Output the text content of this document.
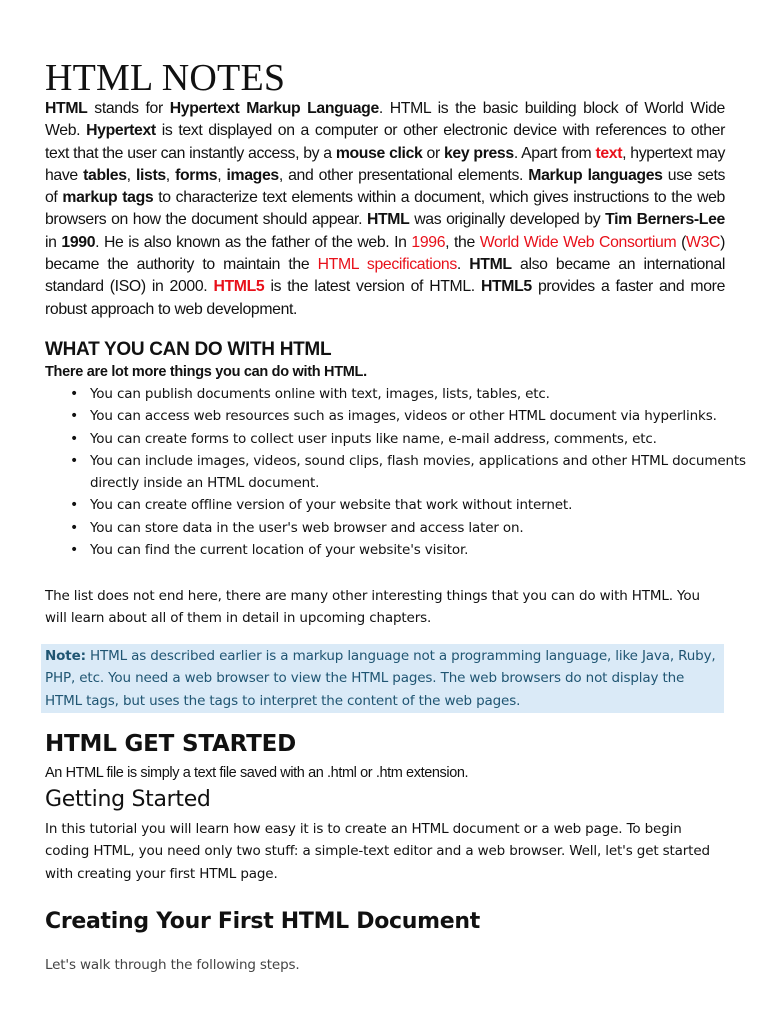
HTML NOTES

HTML stands for Hypertext Markup Language. HTML is the basic building block of World Wide Web. Hypertext is text displayed on a computer or other electronic device with references to other text that the user can instantly access, by a mouse click or key press. Apart from text, hypertext may have tables, lists, forms, images, and other presentational elements. Markup languages use sets of markup tags to characterize text elements within a document, which gives instructions to the web browsers on how the document should appear. HTML was originally developed by Tim Berners-Lee in 1990. He is also known as the father of the web. In 1996, the World Wide Web Consortium (W3C) became the authority to maintain the HTML specifications. HTML also became an international standard (ISO) in 2000. HTML5 is the latest version of HTML. HTML5 provides a faster and more robust approach to web development.

WHAT YOU CAN DO WITH HTML

There are lot more things you can do with HTML.

• You can publish documents online with text, images, lists, tables, etc.
• You can access web resources such as images, videos or other HTML document via hyperlinks.
• You can create forms to collect user inputs like name, e-mail address, comments, etc.
• You can include images, videos, sound clips, flash movies, applications and other HTML documents directly inside an HTML document.
• You can create offline version of your website that work without internet.
• You can store data in the user's web browser and access later on.
• You can find the current location of your website's visitor.

The list does not end here, there are many other interesting things that you can do with HTML. You will learn about all of them in detail in upcoming chapters.

Note: HTML as described earlier is a markup language not a programming language, like Java, Ruby, PHP, etc. You need a web browser to view the HTML pages. The web browsers do not display the HTML tags, but uses the tags to interpret the content of the web pages.
HTML GET STARTED

An HTML file is simply a text file saved with an .html or .htm extension.

Getting Started

In this tutorial you will learn how easy it is to create an HTML document or a web page. To begin coding HTML, you need only two stuff: a simple-text editor and a web browser. Well, let's get started with creating your first HTML page.

Creating Your First HTML Document

Let's walk through the following steps.
